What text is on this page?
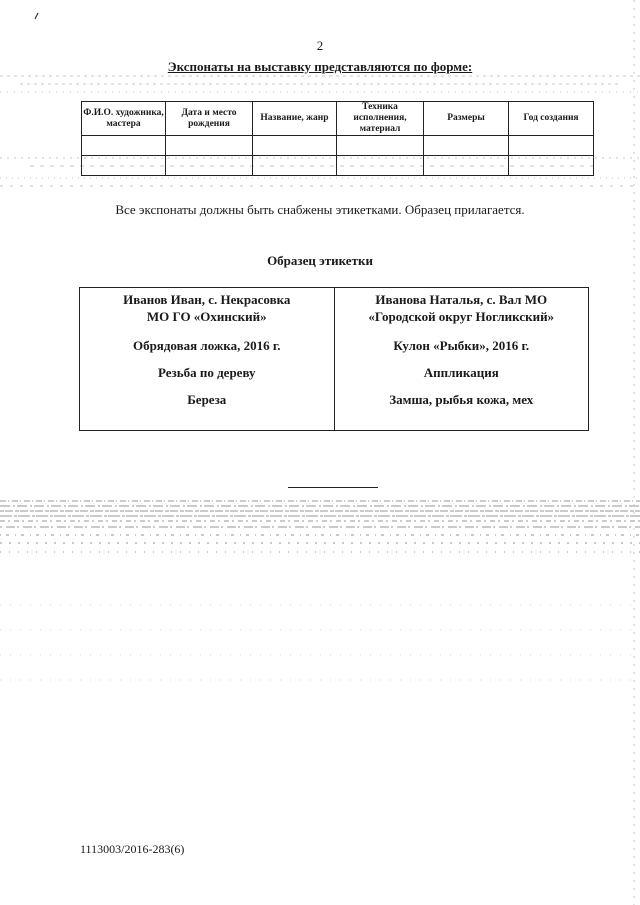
2
Экспонаты на выставку представляются по форме:
Ф.И.О. художника, мастера	Дата и место рождения	Название, жанр	Техника исполнения, материал	Размеры	Год создания

Все экспонаты должны быть снабжены этикетками. Образец прилагается.
Образец этикетки
Иванов Иван, с. Некрасовка
МО ГО «Охинский»
Обрядовая ложка, 2016 г.
Резьба по дереву
Береза

Иванова Наталья, с. Вал МО
«Городской округ Ногликский»
Кулон «Рыбки», 2016 г.
Аппликация
Замша, рыбья кожа, мех
1113003/2016-283(6)
